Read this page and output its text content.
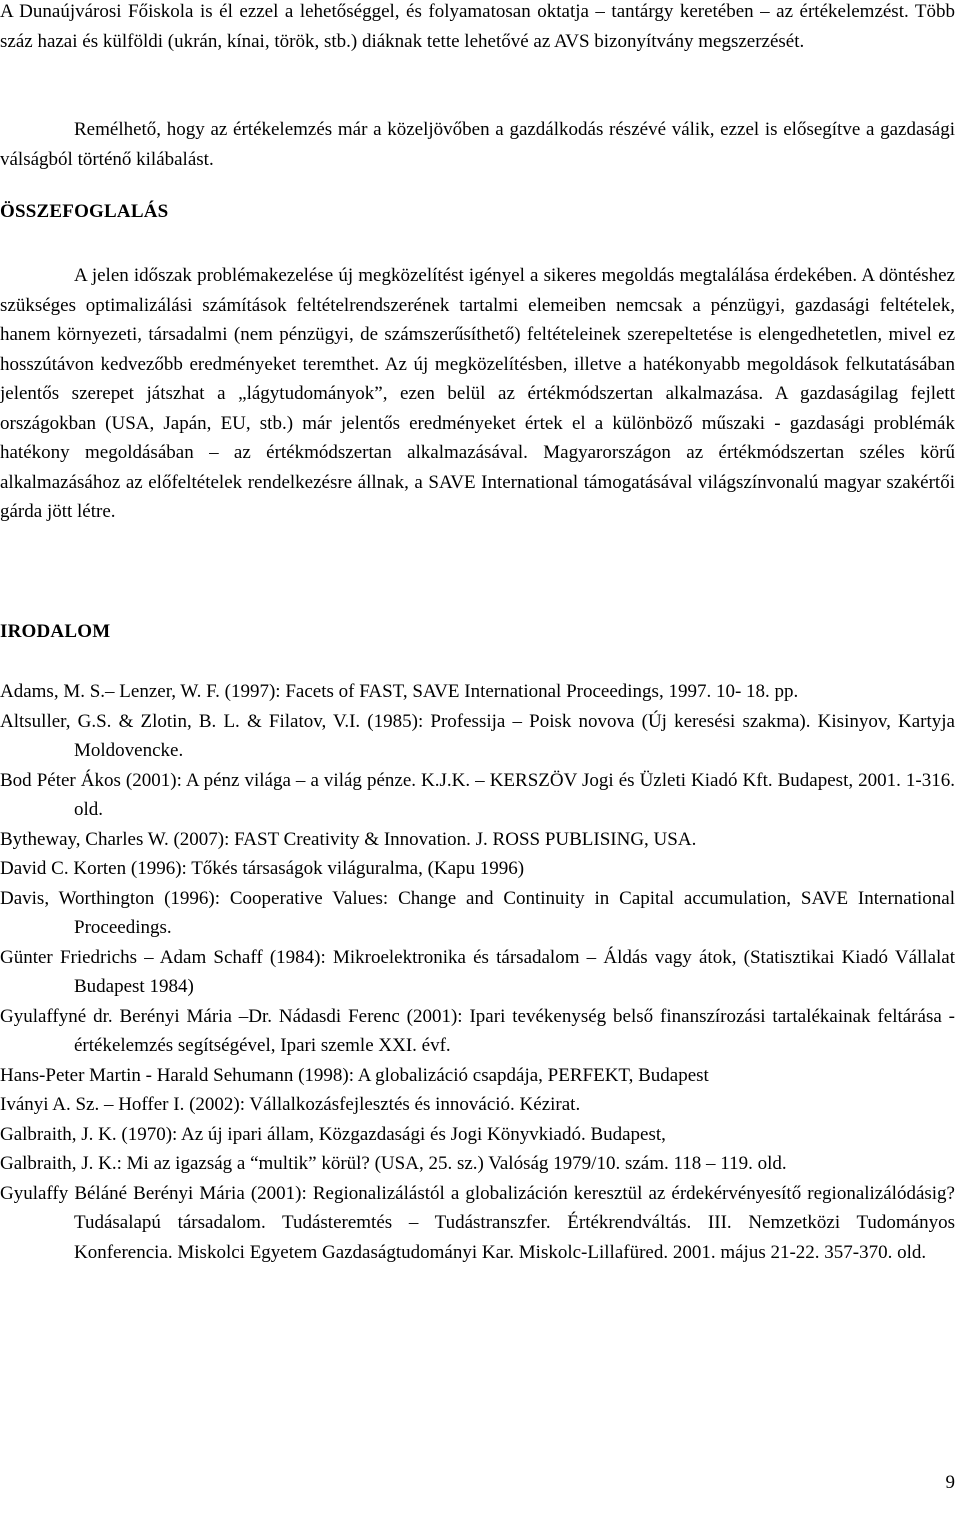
A Dunaújvárosi Főiskola is él ezzel a lehetőséggel, és folyamatosan oktatja – tantárgy keretében – az értékelemzést. Több száz hazai és külföldi (ukrán, kínai, török, stb.) diáknak tette lehetővé az AVS bizonyítvány megszerzését.

Remélhető, hogy az értékelemzés már a közeljövőben a gazdálkodás részévé válik, ezzel is elősegítve a gazdasági válságból történő kilábalást.

ÖSSZEFOGLALÁS

A jelen időszak problémakezelése új megközelítést igényel a sikeres megoldás megtalálása érdekében. A döntéshez szükséges optimalizálási számítások feltételrendszerének tartalmi elemeiben nemcsak a pénzügyi, gazdasági feltételek, hanem környezeti, társadalmi (nem pénzügyi, de számszerűsíthető) feltételeinek szerepeltetése is elengedhetetlen, mivel ez hosszútávon kedvezőbb eredményeket teremthet. Az új megközelítésben, illetve a hatékonyabb megoldások felkutatásában jelentős szerepet játszhat a „lágytudományok”, ezen belül az értékmódszertan alkalmazása. A gazdaságilag fejlett országokban (USA, Japán, EU, stb.) már jelentős eredményeket értek el a különböző műszaki - gazdasági problémák hatékony megoldásában – az értékmódszertan alkalmazásával. Magyarországon az értékmódszertan széles körű alkalmazásához az előfeltételek rendelkezésre állnak, a SAVE International támogatásával világszínvonalú magyar szakértői gárda jött létre.

IRODALOM

Adams, M. S.– Lenzer, W. F. (1997): Facets of FAST, SAVE International Proceedings, 1997. 10- 18. pp.

Altsuller, G.S. & Zlotin, B. L. & Filatov, V.I. (1985): Professija – Poisk novova (Új keresési szakma). Kisinyov, Kartyja Moldovencke.

Bod Péter Ákos (2001): A pénz világa – a világ pénze. K.J.K. – KERSZÖV Jogi és Üzleti Kiadó Kft. Budapest, 2001. 1-316. old.

Bytheway, Charles W. (2007): FAST Creativity & Innovation. J. ROSS PUBLISING, USA.

David C. Korten (1996): Tőkés társaságok világuralma, (Kapu 1996)

Davis, Worthington (1996): Cooperative Values: Change and Continuity in Capital accumulation, SAVE International Proceedings.

Günter Friedrichs – Adam Schaff (1984): Mikroelektronika és társadalom – Áldás vagy átok, (Statisztikai Kiadó Vállalat Budapest 1984)

Gyulaffyné dr. Berényi Mária –Dr. Nádasdi Ferenc (2001): Ipari tevékenység belső finanszírozási tartalékainak feltárása - értékelemzés segítségével, Ipari szemle XXI. évf.

Hans-Peter Martin - Harald Sehumann (1998): A globalizáció csapdája, PERFEKT, Budapest

Iványi A. Sz. – Hoffer I. (2002): Vállalkozásfejlesztés és innováció. Kézirat.

Galbraith, J. K. (1970): Az új ipari állam, Közgazdasági és Jogi Könyvkiadó. Budapest,

Galbraith, J. K.: Mi az igazság a “multik” körül? (USA, 25. sz.) Valóság 1979/10. szám. 118 – 119. old.

Gyulaffy Béláné Berényi Mária (2001): Regionalizálástól a globalizáción keresztül az érdekérvényesítő regionalizálódásig? Tudásalapú társadalom. Tudásteremtés – Tudástranszfer. Értékrendváltás. III. Nemzetközi Tudományos Konferencia. Miskolci Egyetem Gazdaságtudományi Kar. Miskolc-Lillafüred. 2001. május 21-22. 357-370. old.

9
